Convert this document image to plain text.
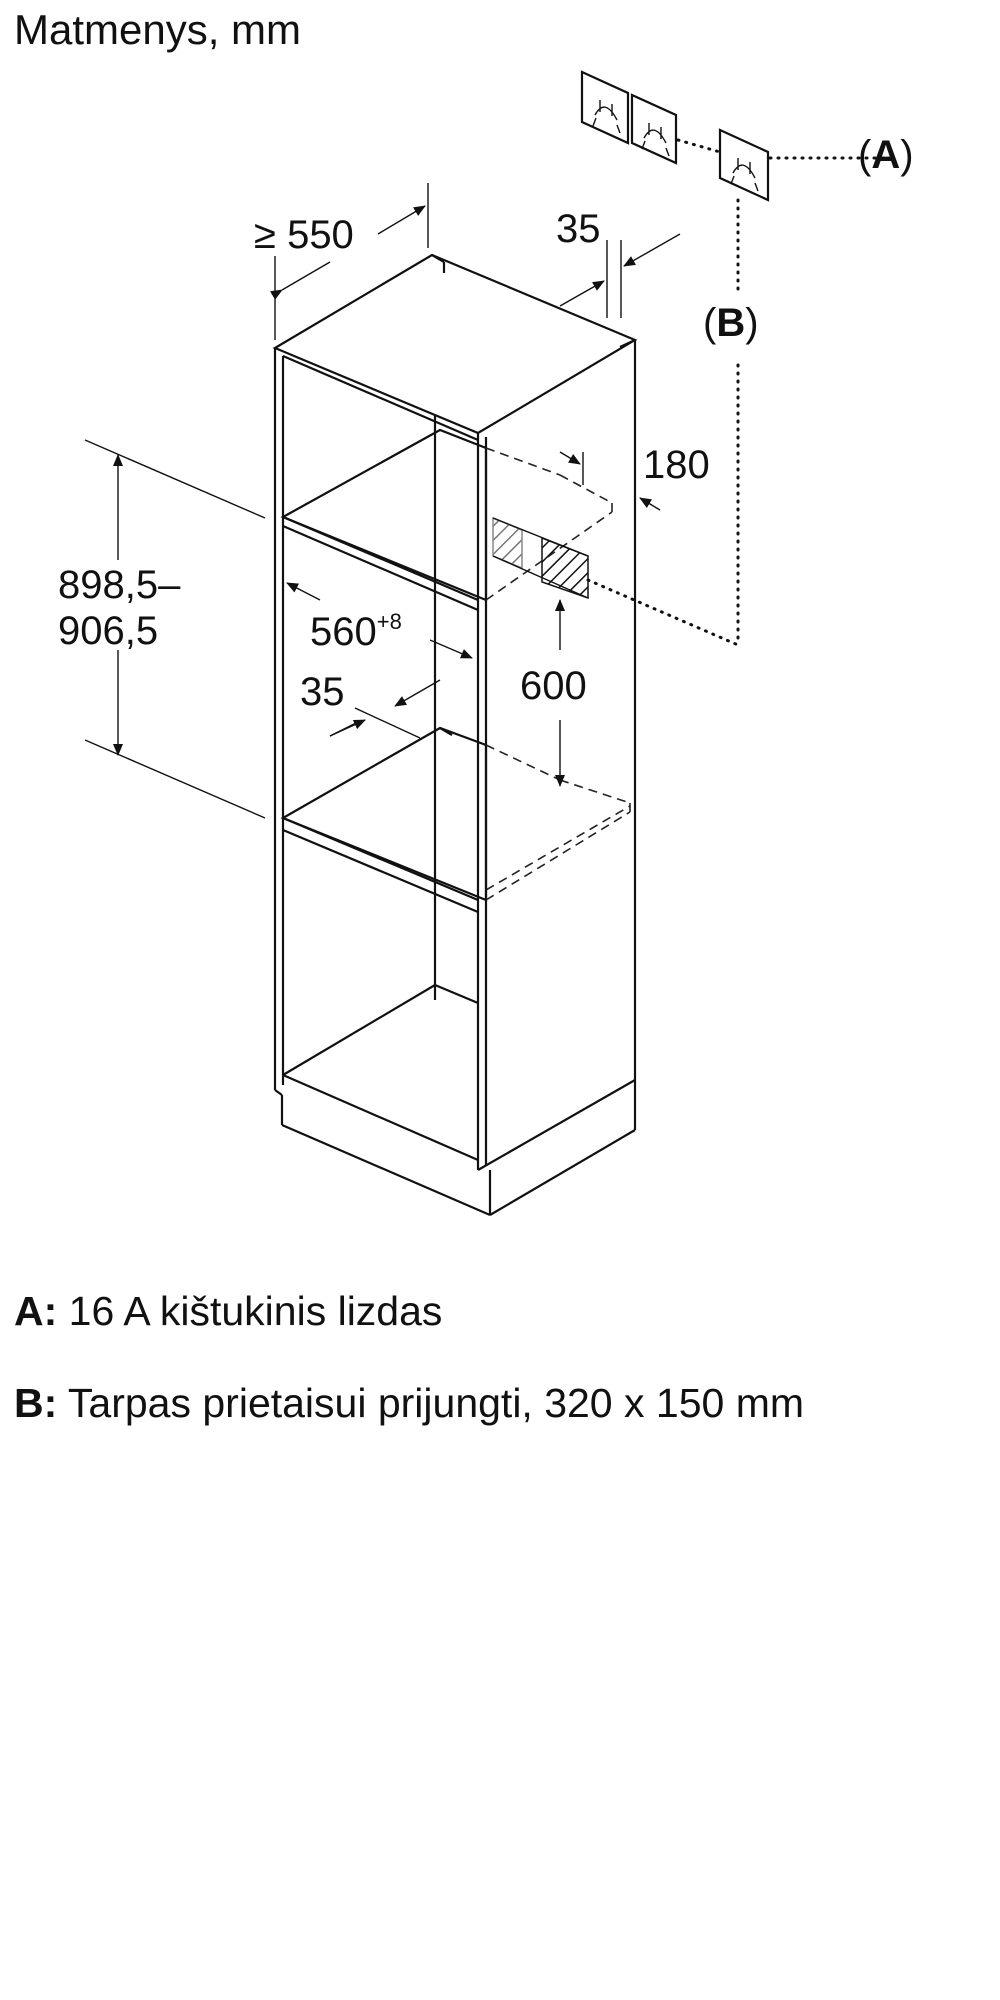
Matmenys, mm
≥ 550	35
180
898,5–
906,5	$560^{+8}$
35	600
(A)
(B)
A: 16 A kištukinis lizdas
B: Tarpas prietaisui prijungti, 320 x 150 mm
